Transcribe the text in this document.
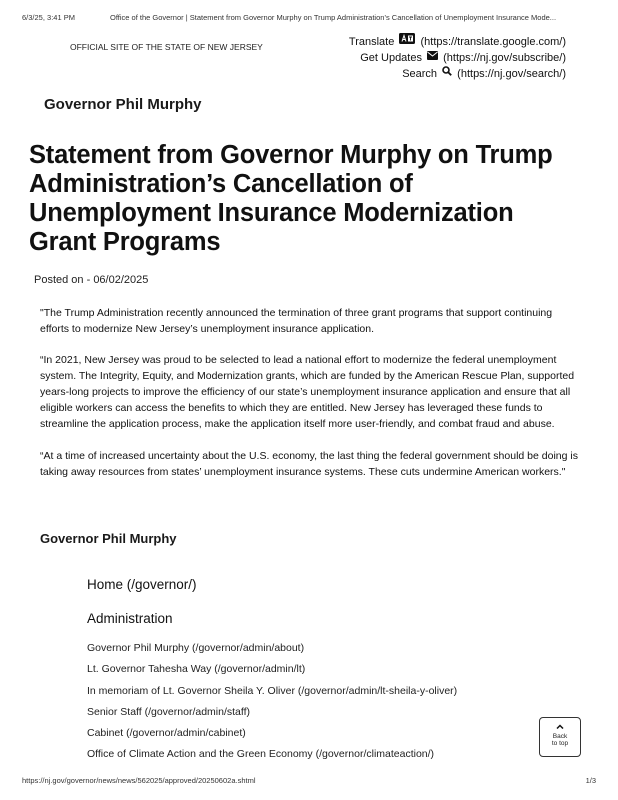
6/3/25, 3:41 PM	Office of the Governor | Statement from Governor Murphy on Trump Administration’s Cancellation of Unemployment Insurance Mode...
OFFICIAL SITE OF THE STATE OF NEW JERSEY	Translate (https://translate.google.com/)
Get Updates (https://nj.gov/subscribe/)
Search (https://nj.gov/search/)
Governor Phil Murphy
Statement from Governor Murphy on Trump Administration’s Cancellation of Unemployment Insurance Modernization Grant Programs
Posted on - 06/02/2025

"The Trump Administration recently announced the termination of three grant programs that support continuing efforts to modernize New Jersey’s unemployment insurance application.

“In 2021, New Jersey was proud to be selected to lead a national effort to modernize the federal unemployment system. The Integrity, Equity, and Modernization grants, which are funded by the American Rescue Plan, supported years-long projects to improve the efficiency of our state’s unemployment insurance application and ensure that all eligible workers can access the benefits to which they are entitled. New Jersey has leveraged these funds to streamline the application process, make the application itself more user-friendly, and combat fraud and abuse.

“At a time of increased uncertainty about the U.S. economy, the last thing the federal government should be doing is taking away resources from states’ unemployment insurance systems. These cuts undermine American workers."

Governor Phil Murphy
Home (/governor/)
Administration
Governor Phil Murphy (/governor/admin/about)
Lt. Governor Tahesha Way (/governor/admin/lt)
In memoriam of Lt. Governor Sheila Y. Oliver (/governor/admin/lt-sheila-y-oliver)
Senior Staff (/governor/admin/staff)
Cabinet (/governor/admin/cabinet)
Office of Climate Action and the Green Economy (/governor/climateaction/)
Back
to top
https://nj.gov/governor/news/news/562025/approved/20250602a.shtml	1/3
